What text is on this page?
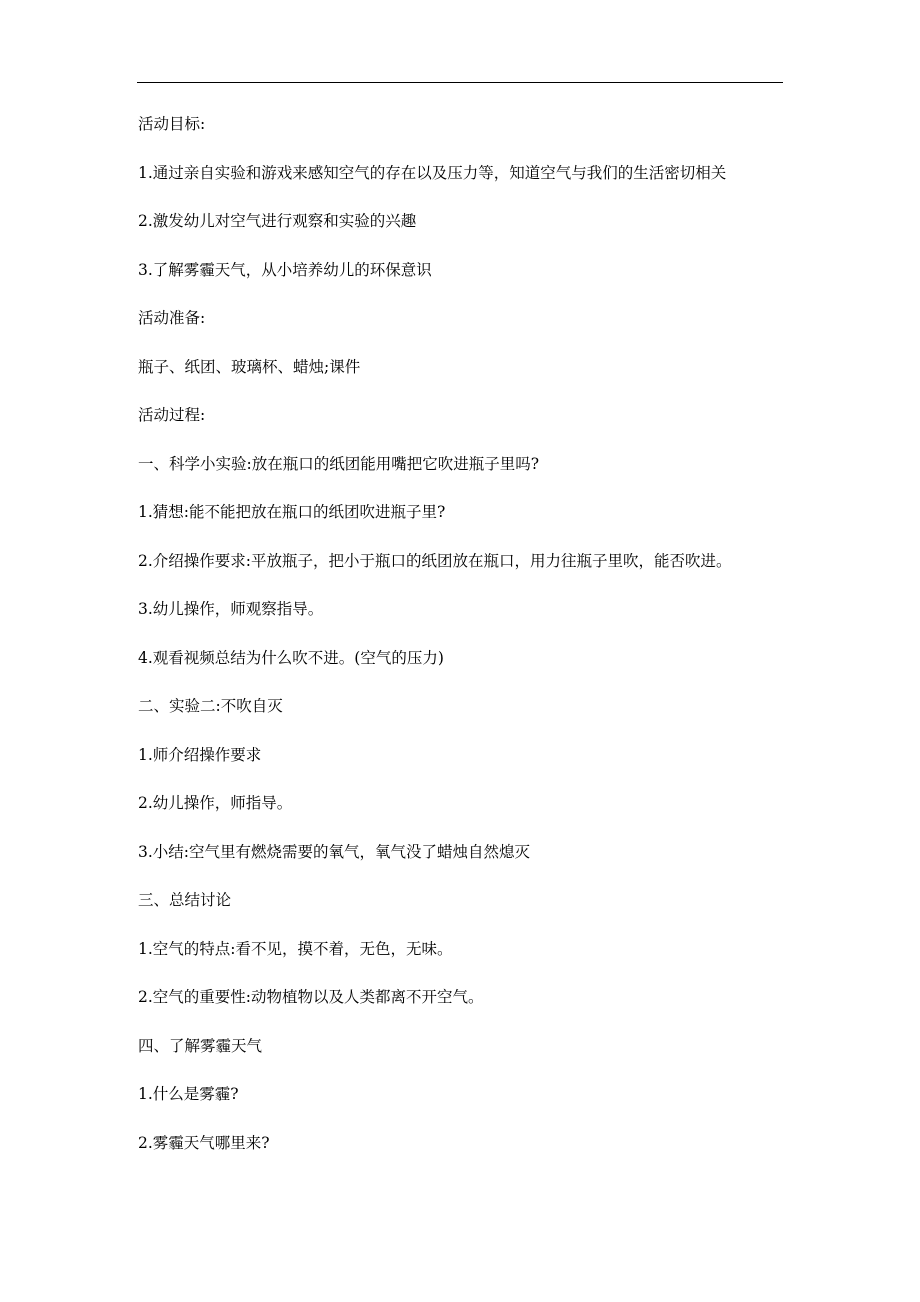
活动目标:

1.通过亲自实验和游戏来感知空气的存在以及压力等，知道空气与我们的生活密切相关

2.激发幼儿对空气进行观察和实验的兴趣

3.了解雾霾天气，从小培养幼儿的环保意识

活动准备:

瓶子、纸团、玻璃杯、蜡烛;课件

活动过程:

一、科学小实验:放在瓶口的纸团能用嘴把它吹进瓶子里吗?

1.猜想:能不能把放在瓶口的纸团吹进瓶子里?

2.介绍操作要求:平放瓶子，把小于瓶口的纸团放在瓶口，用力往瓶子里吹，能否吹进。

3.幼儿操作，师观察指导。

4.观看视频总结为什么吹不进。(空气的压力)

二、实验二:不吹自灭

1.师介绍操作要求

2.幼儿操作，师指导。

3.小结:空气里有燃烧需要的氧气，氧气没了蜡烛自然熄灭

三、总结讨论

1.空气的特点:看不见，摸不着，无色，无味。

2.空气的重要性:动物植物以及人类都离不开空气。

四、了解雾霾天气

1.什么是雾霾?

2.雾霾天气哪里来?
